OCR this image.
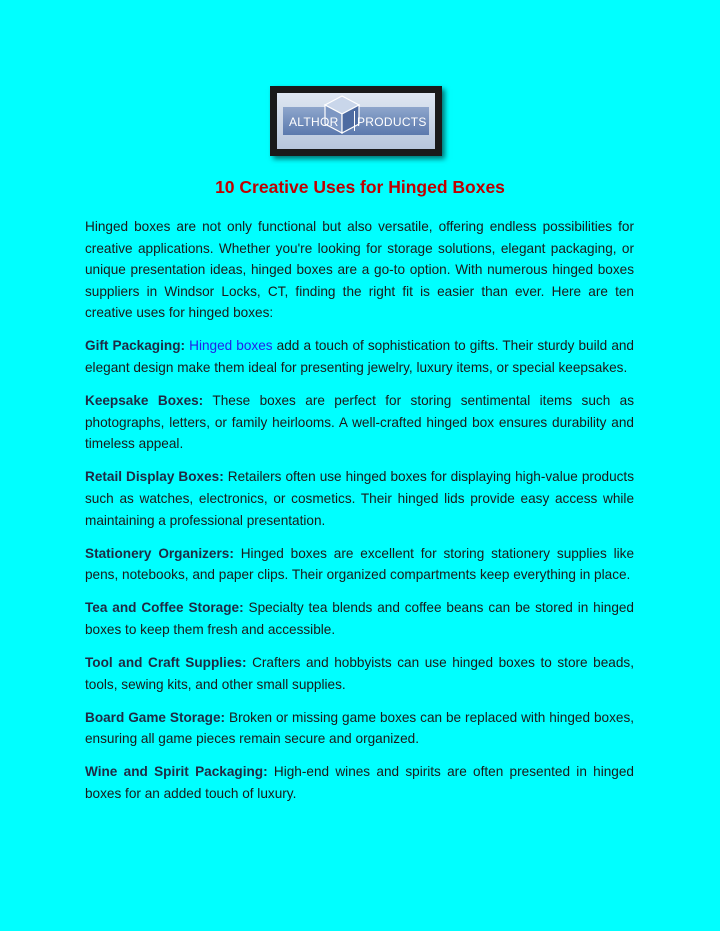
ALTHOR PRODUCTS
10 Creative Uses for Hinged Boxes

Hinged boxes are not only functional but also versatile, offering endless possibilities for creative applications. Whether you're looking for storage solutions, elegant packaging, or unique presentation ideas, hinged boxes are a go-to option. With numerous hinged boxes suppliers in Windsor Locks, CT, finding the right fit is easier than ever. Here are ten creative uses for hinged boxes:

Gift Packaging: Hinged boxes add a touch of sophistication to gifts. Their sturdy build and elegant design make them ideal for presenting jewelry, luxury items, or special keepsakes.

Keepsake Boxes: These boxes are perfect for storing sentimental items such as photographs, letters, or family heirlooms. A well-crafted hinged box ensures durability and timeless appeal.

Retail Display Boxes: Retailers often use hinged boxes for displaying high-value products such as watches, electronics, or cosmetics. Their hinged lids provide easy access while maintaining a professional presentation.

Stationery Organizers: Hinged boxes are excellent for storing stationery supplies like pens, notebooks, and paper clips. Their organized compartments keep everything in place.

Tea and Coffee Storage: Specialty tea blends and coffee beans can be stored in hinged boxes to keep them fresh and accessible.

Tool and Craft Supplies: Crafters and hobbyists can use hinged boxes to store beads, tools, sewing kits, and other small supplies.

Board Game Storage: Broken or missing game boxes can be replaced with hinged boxes, ensuring all game pieces remain secure and organized.

Wine and Spirit Packaging: High-end wines and spirits are often presented in hinged boxes for an added touch of luxury.
